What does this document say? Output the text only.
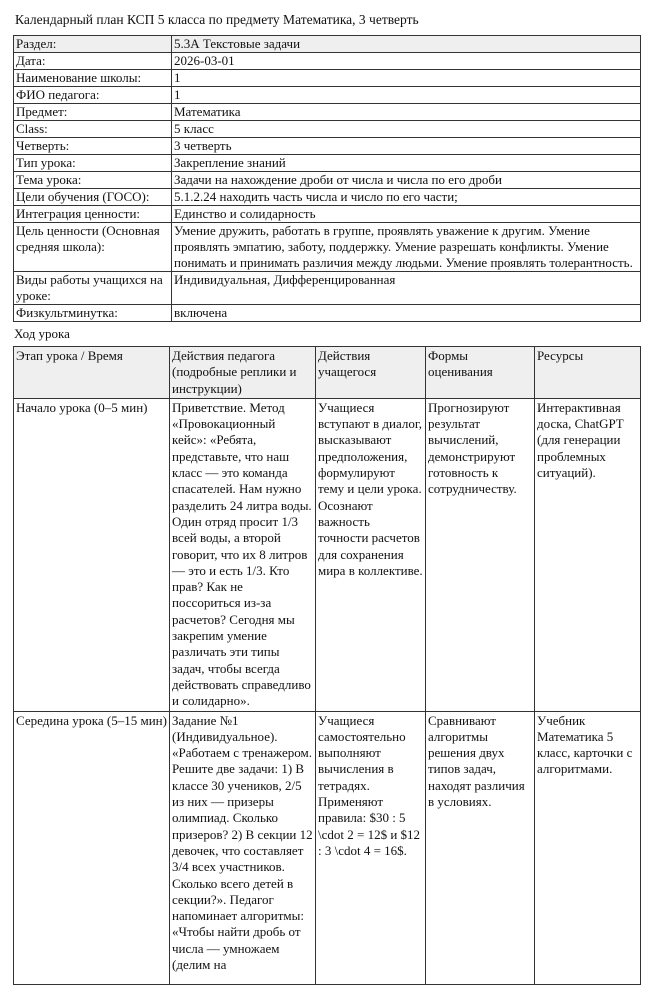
Календарный план КСП 5 класса по предмету Математика, 3 четверть
Раздел:	5.3А Текстовые задачи
Дата:	2026-03-01
Наименование школы:	1
ФИО педагога:	1
Предмет:	Математика
Class:	5 класс
Четверть:	3 четверть
Тип урока:	Закрепление знаний
Тема урока:	Задачи на нахождение дроби от числа и числа по его дроби
Цели обучения (ГОСО):	5.1.2.24 находить часть числа и число по его части;
Интеграция ценности:	Единство и солидарность
Цель ценности (Основная средняя школа):	Умение дружить, работать в группе, проявлять уважение к другим. Умение проявлять эмпатию, заботу, поддержку. Умение разрешать конфликты. Умение понимать и принимать различия между людьми. Умение проявлять толерантность.
Виды работы учащихся на уроке:	Индивидуальная, Дифференцированная
Физкультминутка:	включена
Ход урока
Этап урока / Время	Действия педагога (подробные реплики и инструкции)	Действия учащегося	Формы оценивания	Ресурсы
Начало урока (0–5 мин)	Приветствие. Метод «Провокационный кейс»: «Ребята, представьте, что наш класс — это команда спасателей. Нам нужно разделить 24 литра воды. Один отряд просит 1/3 всей воды, а второй говорит, что их 8 литров — это и есть 1/3. Кто прав? Как не поссориться из-за расчетов? Сегодня мы закрепим умение различать эти типы задач, чтобы всегда действовать справедливо и солидарно».	Учащиеся вступают в диалог, высказывают предположения, формулируют тему и цели урока. Осознают важность точности расчетов для сохранения мира в коллективе.	Прогнозируют результат вычислений, демонстрируют готовность к сотрудничеству.	Интерактивная доска, ChatGPT (для генерации проблемных ситуаций).

Середина урока (5–15 мин)	Задание №1 (Индивидуальное). «Работаем с тренажером. Решите две задачи: 1) В классе 30 учеников, 2/5 из них — призеры олимпиад. Сколько призеров? 2) В секции 12 девочек, что составляет 3/4 всех участников. Сколько всего детей в секции?». Педагог напоминает алгоритмы: «Чтобы найти дробь от числа — умножаем (делим на	Учащиеся самостоятельно выполняют вычисления в тетрадях. Применяют правила: $30 : 5 \cdot 2 = 12$ и $12 : 3 \cdot 4 = 16$.	Сравнивают алгоритмы решения двух типов задач, находят различия в условиях.	Учебник Математика 5 класс, карточки с алгоритмами.
